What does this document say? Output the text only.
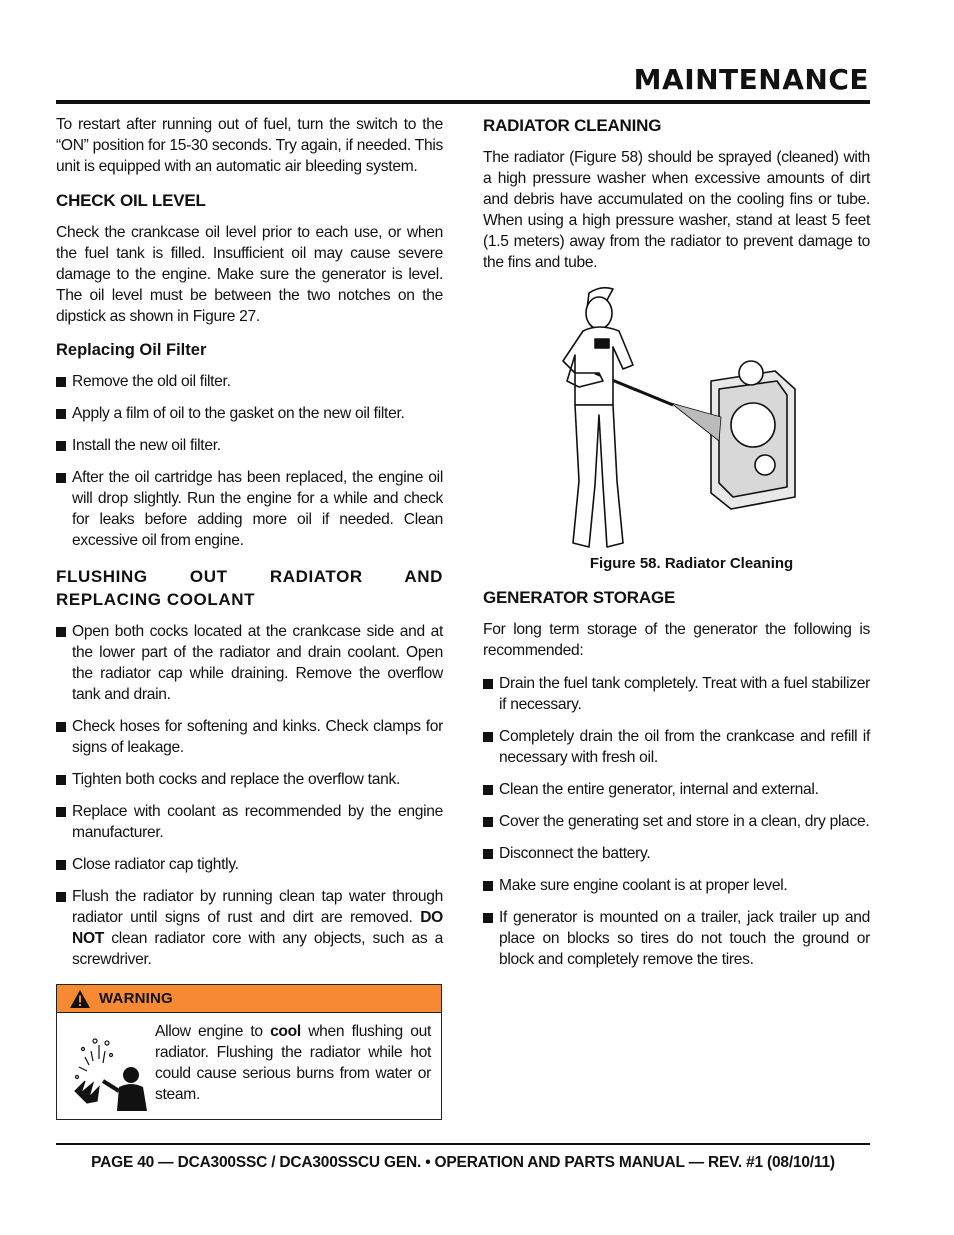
MAINTENANCE

To restart after running out of fuel, turn the switch to the “ON” position for 15-30 seconds. Try again, if needed. This unit is equipped with an automatic air bleeding system.

CHECK OIL LEVEL

Check the crankcase oil level prior to each use, or when the fuel tank is filled. Insufficient oil may cause severe damage to the engine. Make sure the generator is level. The oil level must be between the two notches on the dipstick as shown in Figure 27.

Replacing Oil Filter
Remove the old oil filter.
Apply a film of oil to the gasket on the new oil filter.
Install the new oil filter.
After the oil cartridge has been replaced, the engine oil will drop slightly. Run the engine for a while and check for leaks before adding more oil if needed. Clean excessive oil from engine.
FLUSHING OUT RADIATOR AND REPLACING COOLANT
Open both cocks located at the crankcase side and at the lower part of the radiator and drain coolant. Open the radiator cap while draining. Remove the overflow tank and drain.
Check hoses for softening and kinks. Check clamps for signs of leakage.
Tighten both cocks and replace the overflow tank.
Replace with coolant as recommended by the engine manufacturer.
Close radiator cap tightly.
Flush the radiator by running clean tap water through radiator until signs of rust and dirt are removed. DO NOT clean radiator core with any objects, such as a screwdriver.
WARNING

Allow engine to cool when flushing out radiator. Flushing the radiator while hot could cause serious burns from water or steam.

RADIATOR CLEANING

The radiator (Figure 58) should be sprayed (cleaned) with a high pressure washer when excessive amounts of dirt and debris have accumulated on the cooling fins or tube. When using a high pressure washer, stand at least 5 feet (1.5 meters) away from the radiator to prevent damage to the fins and tube.

Figure 58. Radiator Cleaning

GENERATOR STORAGE

For long term storage of the generator the following is recommended:

Drain the fuel tank completely. Treat with a fuel stabilizer if necessary.
Completely drain the oil from the crankcase and refill if necessary with fresh oil.
Clean the entire generator, internal and external.
Cover the generating set and store in a clean, dry place.
Disconnect the battery.
Make sure engine coolant is at proper level.
If generator is mounted on a trailer, jack trailer up and place on blocks so tires do not touch the ground or block and completely remove the tires.

PAGE 40 — DCA300SSC / DCA300SSCU GEN. • OPERATION AND PARTS MANUAL — REV. #1 (08/10/11)
